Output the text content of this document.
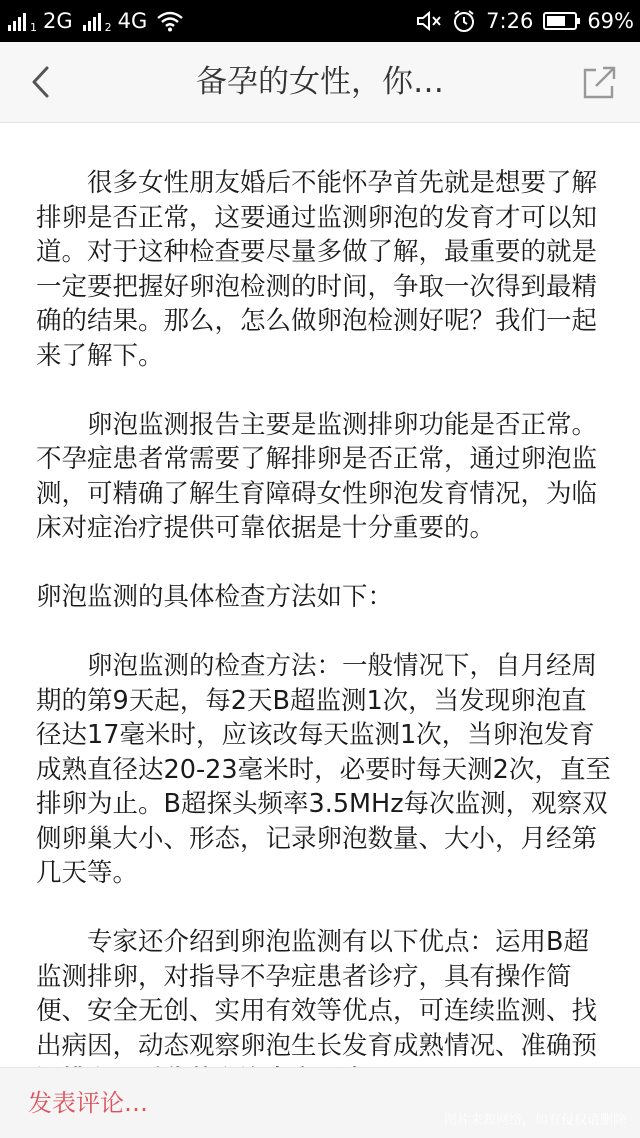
1 2G	2 4G	7:26	69%
备孕的女性，你…

很多女性朋友婚后不能怀孕首先就是想要了解排卵是否正常，这要通过监测卵泡的发育才可以知道。对于这种检查要尽量多做了解，最重要的就是一定要把握好卵泡检测的时间，争取一次得到最精确的结果。那么，怎么做卵泡检测好呢？我们一起来了解下。

卵泡监测报告主要是监测排卵功能是否正常。不孕症患者常需要了解排卵是否正常，通过卵泡监测，可精确了解生育障碍女性卵泡发育情况，为临床对症治疗提供可靠依据是十分重要的。

卵泡监测的具体检查方法如下：

卵泡监测的检查方法：一般情况下，自月经周期的第9天起，每2天B超监测1次，当发现卵泡直径达17毫米时，应该改每天监测1次，当卵泡发育成熟直径达20-23毫米时，必要时每天测2次，直至排卵为止。B超探头频率3.5MHz每次监测，观察双侧卵巢大小、形态，记录卵泡数量、大小，月经第几天等。

专家还介绍到卵泡监测有以下优点：运用B超监测排卵，对指导不孕症患者诊疗，具有操作简便、安全无创、实用有效等优点，可连续监测、找出病因，动态观察卵泡生长发育成熟情况、准确预

发表评论…
图片来源网络，如有侵权请删除
